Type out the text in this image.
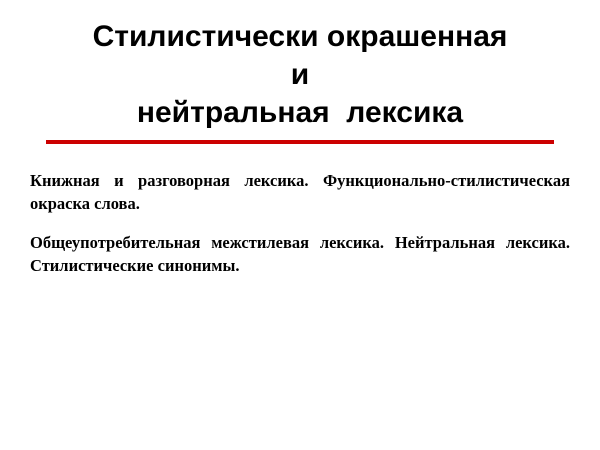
Стилистически окрашенная
и
нейтральная  лексика

Книжная и разговорная лексика. Функционально-стилистическая окраска слова.

Общеупотребительная межстилевая лексика. Нейтральная лексика. Стилистические синонимы.
